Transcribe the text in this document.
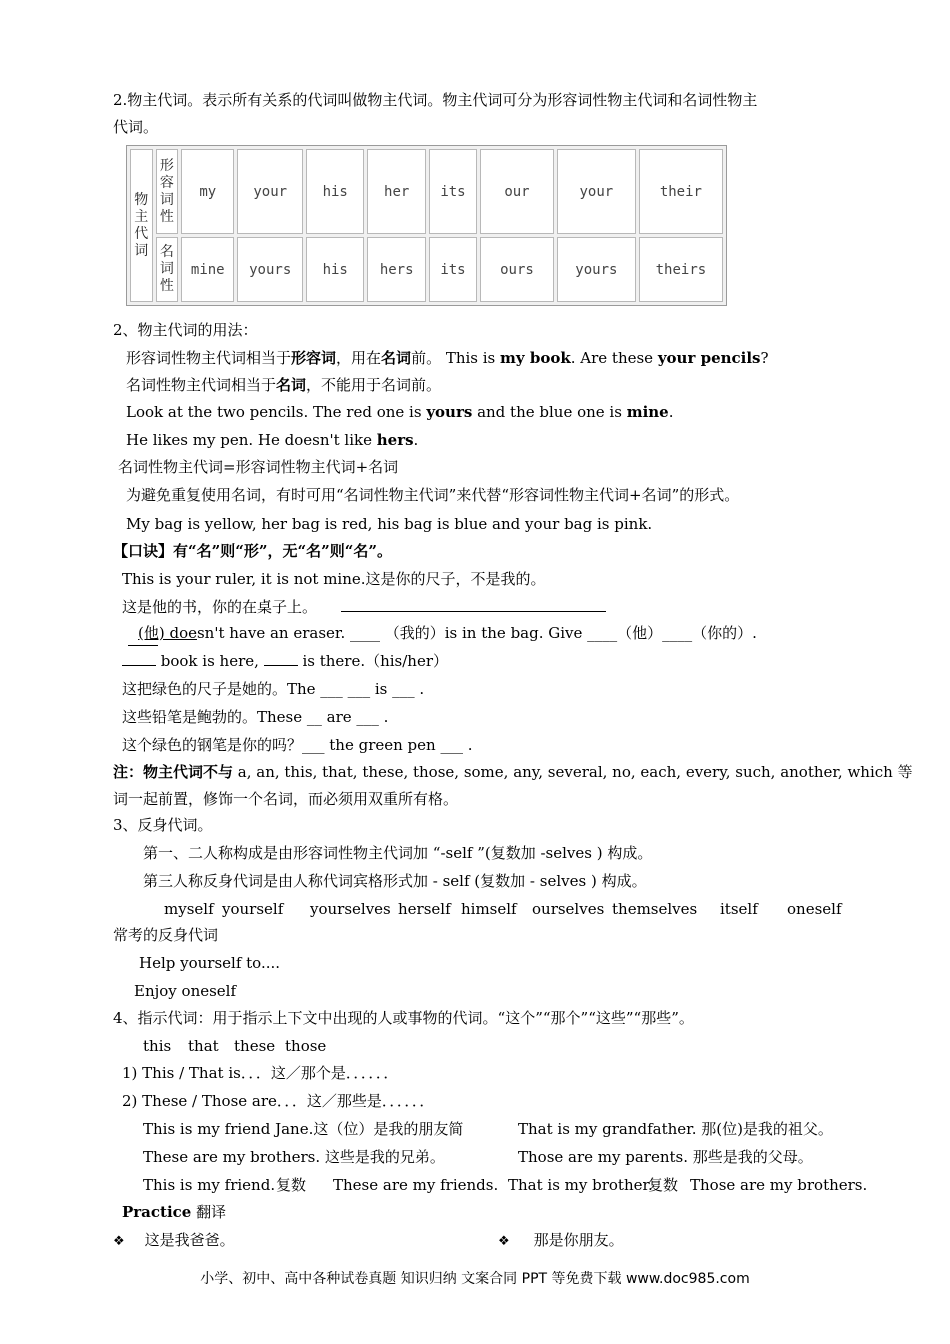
2.物主代词。表示所有关系的代词叫做物主代词。物主代词可分为形容词性物主代词和名词性物主
代词。
物主代词	形容词性	my	your	his	her	its	our	your	their

	名词性	mine	yours	his	hers	its	ours	yours	theirs
2、物主代词的用法：
形容词性物主代词相当于形容词，用在名词前。 This is my book. Are these your pencils?
名词性物主代词相当于名词，不能用于名词前。
Look at the two pencils. The red one is yours and the blue one is mine.
He likes my pen. He doesn't like hers.
名词性物主代词=形容词性物主代词+名词
为避免重复使用名词，有时可用“名词性物主代词”来代替“形容词性物主代词+名词”的形式。
My bag is yellow, her bag is red, his bag is blue and your bag is pink.
【口诀】有“名”则“形”，无“名”则“名”。
This is your ruler, it is not mine.这是你的尺子，不是我的。
这是他的书，你的在桌子上。
(他) doesn't have an eraser. ____ （我的）is in the bag. Give ____（他）____（你的）.
book is here,  is there.（his/her）
这把绿色的尺子是她的。The ___ ___ is ___ .
这些铅笔是鲍勃的。These __ are ___ .
这个绿色的钢笔是你的吗？___ the green pen ___ .
注：物主代词不与 a, an, this, that, these, those, some, any, several, no, each, every, such, another, which 等
词一起前置，修饰一个名词，而必须用双重所有格。
3、反身代词。
第一、二人称构成是由形容词性物主代词加 “-self ”(复数加 -selves ) 构成。
第三人称反身代词是由人称代词宾格形式加 - self (复数加 - selves ) 构成。
myself yourself yourselves herself himself ourselves themselves itself oneself
常考的反身代词
Help yourself to....
Enjoy oneself
4、指示代词：用于指示上下文中出现的人或事物的代词。“这个”“那个”“这些”“那些”。
this that these those
1) This / That is．．．这／那个是．．．．．．
2) These / Those are．．．这／那些是．．．．．．
This is my friend Jane.这（位）是我的朋友简	That is my grandfather. 那(位)是我的祖父。
These are my brothers. 这些是我的兄弟。	Those are my parents. 那些是我的父母。
This is my friend. 复数 These are my friends. That is my brother.
复数 Those are my brothers.
Practice 翻译
❖ 这是我爸爸。	❖ 那是你朋友。
小学、初中、高中各种试卷真题 知识归纳 文案合同 PPT 等免费下载 www.doc985.com
